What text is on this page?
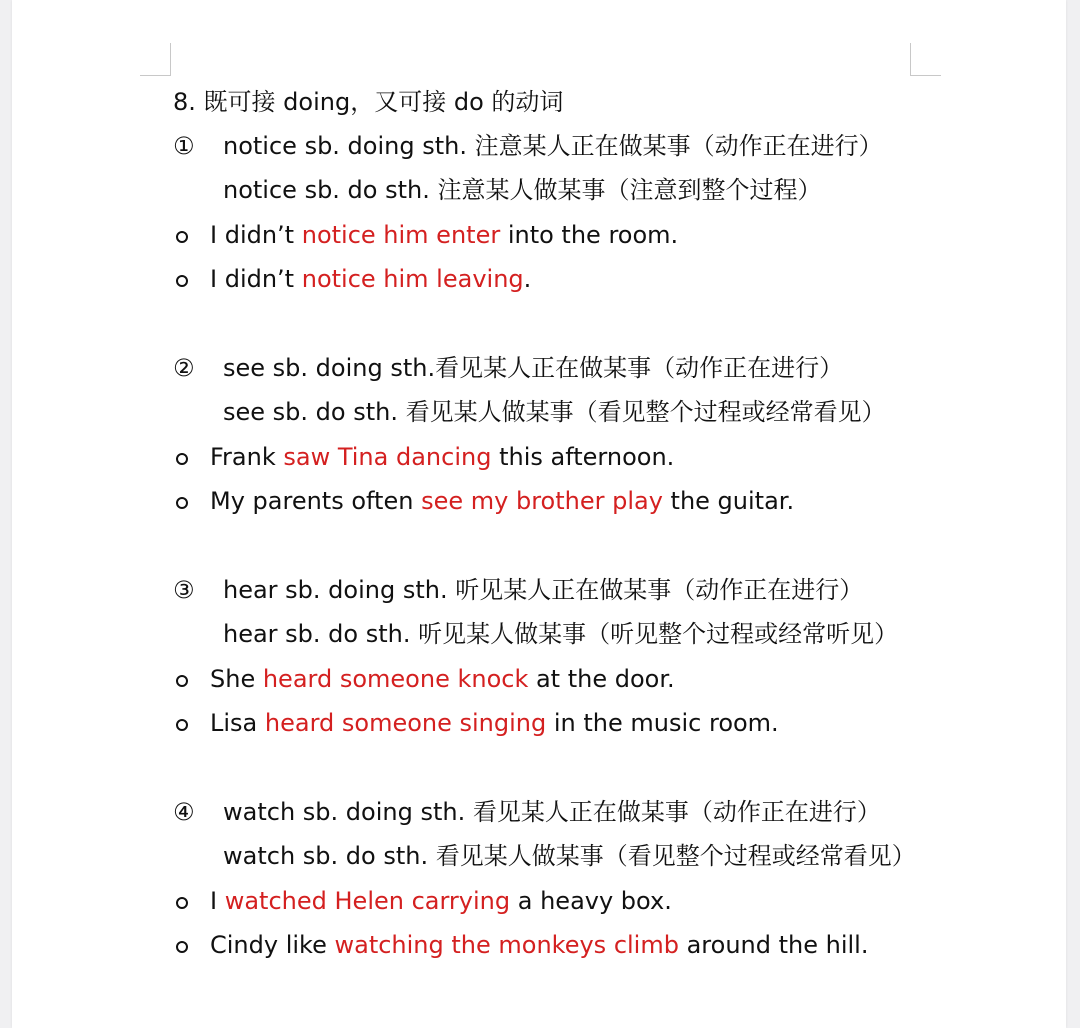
8. 既可接 doing，又可接 do 的动词
① notice sb. doing sth. 注意某人正在做某事（动作正在进行）
notice sb. do sth. 注意某人做某事（注意到整个过程）
I didn’t notice him enter into the room.
I didn’t notice him leaving.
② see sb. doing sth.看见某人正在做某事（动作正在进行）
see sb. do sth. 看见某人做某事（看见整个过程或经常看见）
Frank saw Tina dancing this afternoon.
My parents often see my brother play the guitar.
③ hear sb. doing sth. 听见某人正在做某事（动作正在进行）
hear sb. do sth. 听见某人做某事（听见整个过程或经常听见）
She heard someone knock at the door.
Lisa heard someone singing in the music room.
④ watch sb. doing sth. 看见某人正在做某事（动作正在进行）
watch sb. do sth. 看见某人做某事（看见整个过程或经常看见）
I watched Helen carrying a heavy box.
Cindy like watching the monkeys climb around the hill.
